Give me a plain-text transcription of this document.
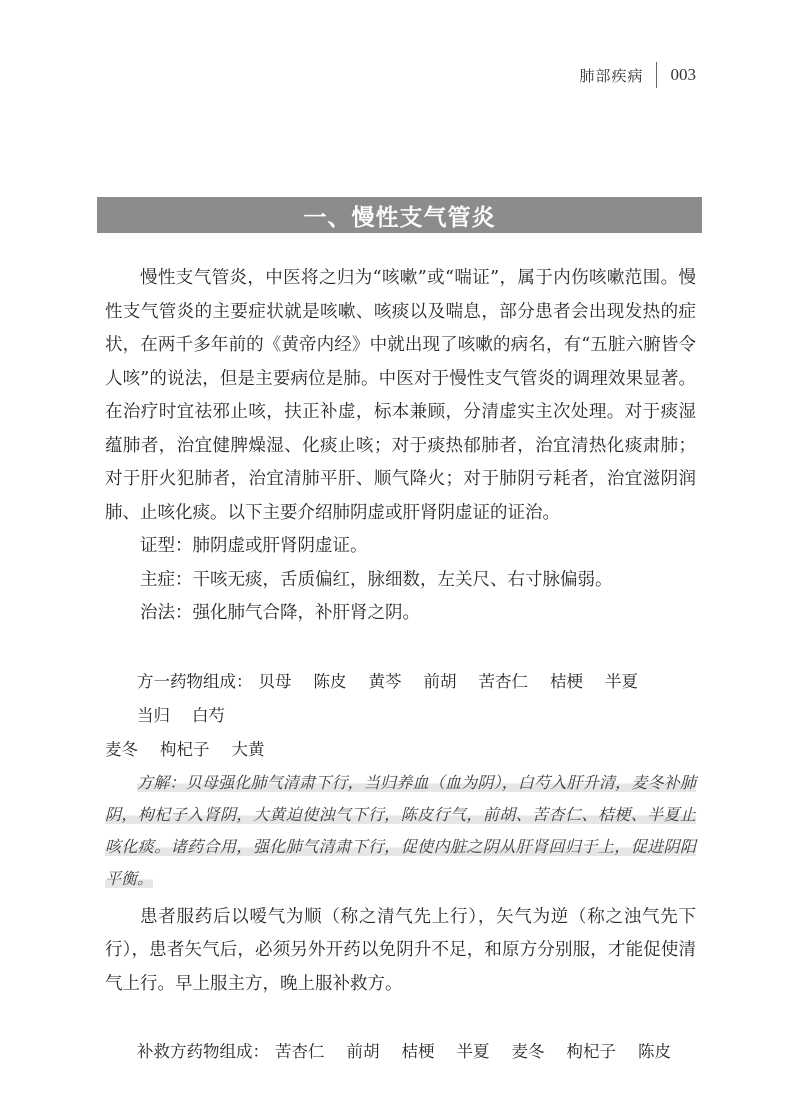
肺部疾病 003
一、慢性支气管炎

慢性支气管炎，中医将之归为“咳嗽”或“喘证”，属于内伤咳嗽范围。慢性支气管炎的主要症状就是咳嗽、咳痰以及喘息，部分患者会出现发热的症状，在两千多年前的《黄帝内经》中就出现了咳嗽的病名，有“五脏六腑皆令人咳”的说法，但是主要病位是肺。中医对于慢性支气管炎的调理效果显著。在治疗时宜祛邪止咳，扶正补虚，标本兼顾，分清虚实主次处理。对于痰湿蕴肺者，治宜健脾燥湿、化痰止咳；对于痰热郁肺者，治宜清热化痰肃肺；对于肝火犯肺者，治宜清肺平肝、顺气降火；对于肺阴亏耗者，治宜滋阴润肺、止咳化痰。以下主要介绍肺阴虚或肝肾阴虚证的证治。

证型：肺阴虚或肝肾阴虚证。

主症：干咳无痰，舌质偏红，脉细数，左关尺、右寸脉偏弱。

治法：强化肺气合降，补肝肾之阴。

方一药物组成： 贝母 陈皮 黄芩 前胡 苦杏仁 桔梗 半夏当归 白芍

麦冬 枸杞子 大黄

方解：贝母强化肺气清肃下行，当归养血（血为阴），白芍入肝升清，麦冬补肺阴，枸杞子入肾阴，大黄迫使浊气下行，陈皮行气，前胡、苦杏仁、桔梗、半夏止咳化痰。诸药合用，强化肺气清肃下行，促使内脏之阴从肝肾回归于上，促进阴阳平衡。

患者服药后以嗳气为顺（称之清气先上行），矢气为逆（称之浊气先下行），患者矢气后，必须另外开药以免阴升不足，和原方分别服，才能促使清气上行。早上服主方，晚上服补救方。

补救方药物组成： 苦杏仁 前胡 桔梗 半夏 麦冬 枸杞子 陈皮
